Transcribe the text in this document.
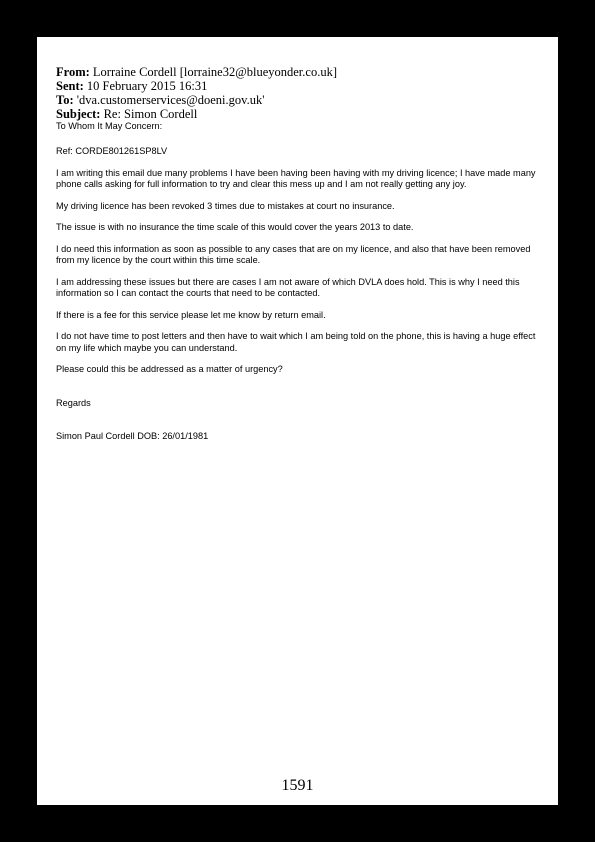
From: Lorraine Cordell [lorraine32@blueyonder.co.uk]
Sent: 10 February 2015 16:31
To: 'dva.customerservices@doeni.gov.uk'
Subject: Re: Simon Cordell
To Whom It May Concern:

Ref: CORDE801261SP8LV

I am writing this email due many problems I have been having been having with my driving licence; I have made many phone calls asking for full information to try and clear this mess up and I am not really getting any joy.

My driving licence has been revoked 3 times due to mistakes at court no insurance.

The issue is with no insurance the time scale of this would cover the years 2013 to date.

I do need this information as soon as possible to any cases that are on my licence, and also that have been removed from my licence by the court within this time scale.

I am addressing these issues but there are cases I am not aware of which DVLA does hold. This is why I need this information so I can contact the courts that need to be contacted.

If there is a fee for this service please let me know by return email.

I do not have time to post letters and then have to wait which I am being told on the phone, this is having a huge effect on my life which maybe you can understand.

Please could this be addressed as a matter of urgency?

Regards

Simon Paul Cordell DOB: 26/01/1981

1591
